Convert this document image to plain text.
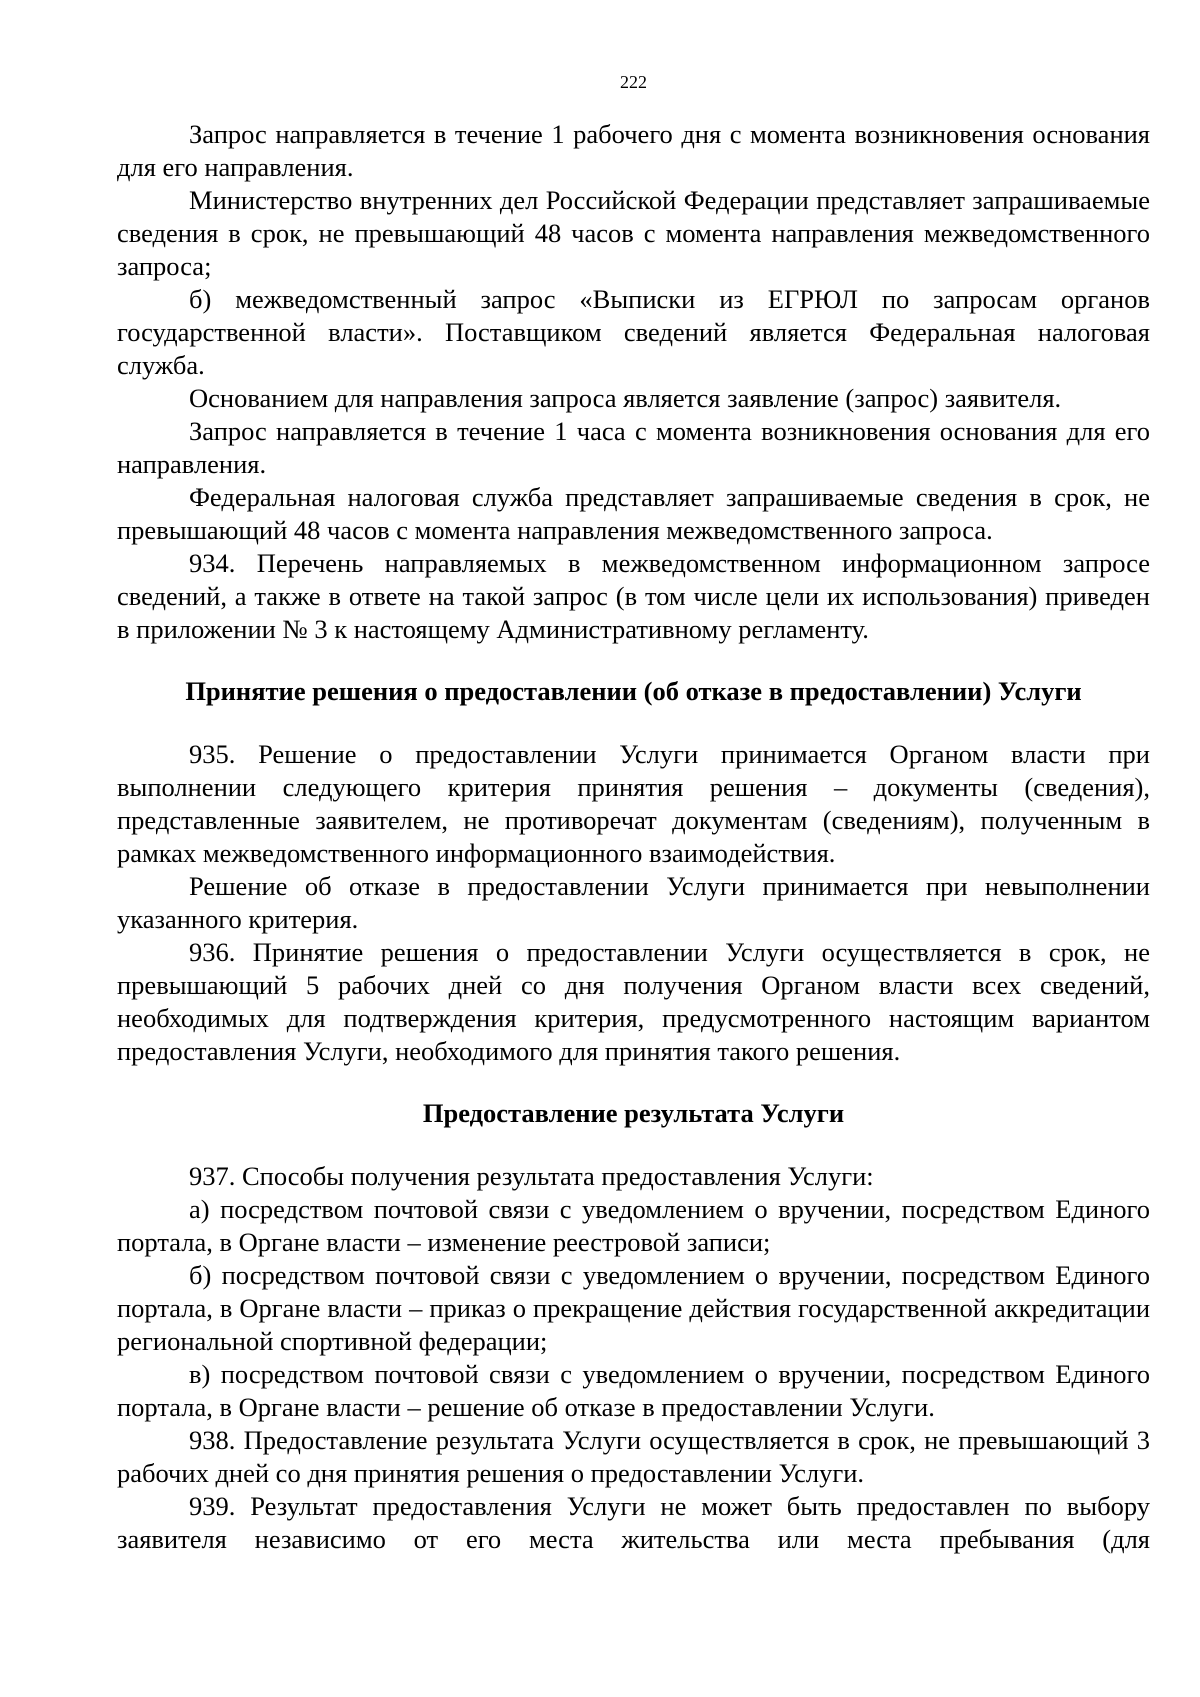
222

Запрос направляется в течение 1 рабочего дня с момента возникновения основания для его направления.

Министерство внутренних дел Российской Федерации представляет запрашиваемые сведения в срок, не превышающий 48 часов с момента направления межведомственного запроса;

б) межведомственный запрос «Выписки из ЕГРЮЛ по запросам органов государственной власти». Поставщиком сведений является Федеральная налоговая служба.

Основанием для направления запроса является заявление (запрос) заявителя.

Запрос направляется в течение 1 часа с момента возникновения основания для его направления.

Федеральная налоговая служба представляет запрашиваемые сведения в срок, не превышающий 48 часов с момента направления межведомственного запроса.

934. Перечень направляемых в межведомственном информационном запросе сведений, а также в ответе на такой запрос (в том числе цели их использования) приведен в приложении № 3 к настоящему Административному регламенту.

Принятие решения о предоставлении (об отказе в предоставлении) Услуги

935. Решение о предоставлении Услуги принимается Органом власти при выполнении следующего критерия принятия решения – документы (сведения), представленные заявителем, не противоречат документам (сведениям), полученным в рамках межведомственного информационного взаимодействия.

Решение об отказе в предоставлении Услуги принимается при невыполнении указанного критерия.

936. Принятие решения о предоставлении Услуги осуществляется в срок, не превышающий 5 рабочих дней со дня получения Органом власти всех сведений, необходимых для подтверждения критерия, предусмотренного настоящим вариантом предоставления Услуги, необходимого для принятия такого решения.

Предоставление результата Услуги

937. Способы получения результата предоставления Услуги:

а) посредством почтовой связи с уведомлением о вручении, посредством Единого портала, в Органе власти – изменение реестровой записи;

б) посредством почтовой связи с уведомлением о вручении, посредством Единого портала, в Органе власти – приказ о прекращение действия государственной аккредитации региональной спортивной федерации;

в) посредством почтовой связи с уведомлением о вручении, посредством Единого портала, в Органе власти – решение об отказе в предоставлении Услуги.

938. Предоставление результата Услуги осуществляется в срок, не превышающий 3 рабочих дней со дня принятия решения о предоставлении Услуги.

939. Результат предоставления Услуги не может быть предоставлен по выбору заявителя независимо от его места жительства или места пребывания (для
